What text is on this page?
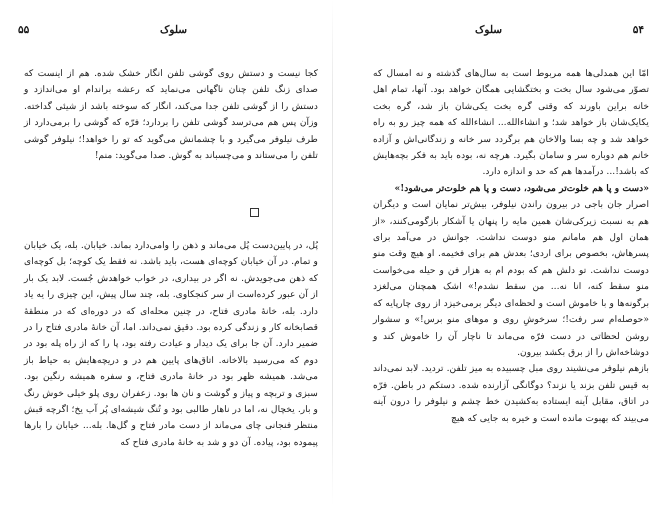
۵۵	سلوک

کجا نیست و دستش روی گوشی تلفن انگار خشک شده. هم از اینست که صدای زنگ تلفن چنان ناگهانی می‌نماید که رعشه براندام او می‌اندازد و دستش را از گوشی تلفن جدا می‌کند، انگار که سوخته باشد از شیئی گداخته. وزآن پس هم می‌ترسد گوشی تلفن را بردارد؛ فرّه که گوشی را برمی‌دارد از طرف نیلوفر می‌گیرد و با چشمانش می‌گوید که تو را خواهد!؛ نیلوفر گوشی تلفن را می‌ستاند و می‌چسباند به گوش. صدا می‌گوید: منم!

پُل، در پایین‌دست پُل می‌ماند و ذهن را وامی‌دارد بماند. خیابان. بله، یک خیابان و تمام. در آن خیابان کوچه‌ای هست، باید باشد. نه فقط یک کوچه؛ بل کوچه‌ای که ذهن می‌جویدش. نه اگر در بیداری، در خواب خواهدش جُست. لابد یک بار از آن عبور کرده‌است از سر کنجکاوی. بله، چند سال پیش، این چیزی را یه یاد دارد. بله، خانهٔ مادری فتاح، در چنین محله‌ای که در دوره‌ای که در منطقهٔ قصابخانه کار و زندگی کرده بود. دقیق نمی‌داند. اما، آن خانهٔ مادری فتاح را در ضمیر دارد. آن جا برای یک دیدار و عیادت رفته بود، پا را که از راه پله بود در دوم که می‌رسید بالاخانه. اتاق‌های پایین هم در و دریچه‌هایش به حیاط باز می‌شد. همیشه ظهر بود در خانهٔ مادری فتاح، و سفره همیشه رنگین بود. سبزی و تربچه و پیاز و گوشت و نان ها بود. زعفران روی پلو خیلی خوش رنگ و بار. یخچال نه، اما در ناهار طالبی بود و تُنگ شیشه‌ای پُر آب یخ؛ اگرچه قبش منتظر فنجانی چای می‌ماند از دست مادر فتاح و گل‌ها. بله... خیابان را بارها پیموده بود، پیاده. آن دو و شد به خانهٔ مادری فتاح که

سلوک	۵۴

امّا این همدلی‌ها همه مربوط است به سال‌های گذشته و نه امسال که تصوّر می‌شود سال بخت و بختگشایی همگان خواهد بود. آنها، تمام اهل خانه براین باورند که وقتی گره بخت یکی‌شان باز شد، گره بخت یکایک‌شان باز خواهد شد؛ و انشاءالله... انشاءالله که همه چیز رو به راه خواهد شد و چه بسا والاخان هم برگردد سر خانه و زندگانی‌اش و آزاده خانم هم دوباره سر و سامان بگیرد. هرچه نه، بوده باید به فکر بچه‌هایش که باشد!... درآمدها هم که حد و اندازه دارد.

«دست و پا هم خلوت‌تر می‌شود، دست و پا هم خلوت‌تر می‌شود!»

اصرار جان باجی در بیرون راندن نیلوفر، بیش‌تر نمایان است و دیگران هم به نسبت زیرکی‌شان همین مایه را پنهان یا آشکار بازگومی‌کنند، «از همان اول هم مامانم منو دوست نداشت. جوانش در می‌آمد برای پسرهاش، بخصوص برای اردی؛ بعدش هم برای فخیمه. او هیچ وقت منو دوست نداشت. تو دلش هم که بودم ام به هزار فن و حیله می‌خواست منو سقط کنه، انا نه... من سقط نشدم!» اشک همچنان می‌لغزد برگونه‌ها و با خاموش است و لحظه‌ای دیگر برمی‌خیزد از روی چارپایه که «حوصله‌ام سر رفت!؛ سرخوشِ روی و موهای منو برس!» و سشوار روشن لحظاتی در دست فرّه می‌ماند تا ناچار آن را خاموش کند و دوشاخه‌اش را از برق بکشد بیرون.

بازهم نیلوفر می‌نشیند روی مبل چسبیده به میز تلفن. تردید. لابد نمی‌داند به قیس تلفن بزند یا نزند؟ دوگانگی آزارنده شده. دستکم در باطن. فرّه در اتاق، مقابل آینه ایستاده به‌کشیدن خط چشم و نیلوفر را درون آینه می‌بیند که بهبوت مانده است و خیره به جایی که هیچ
